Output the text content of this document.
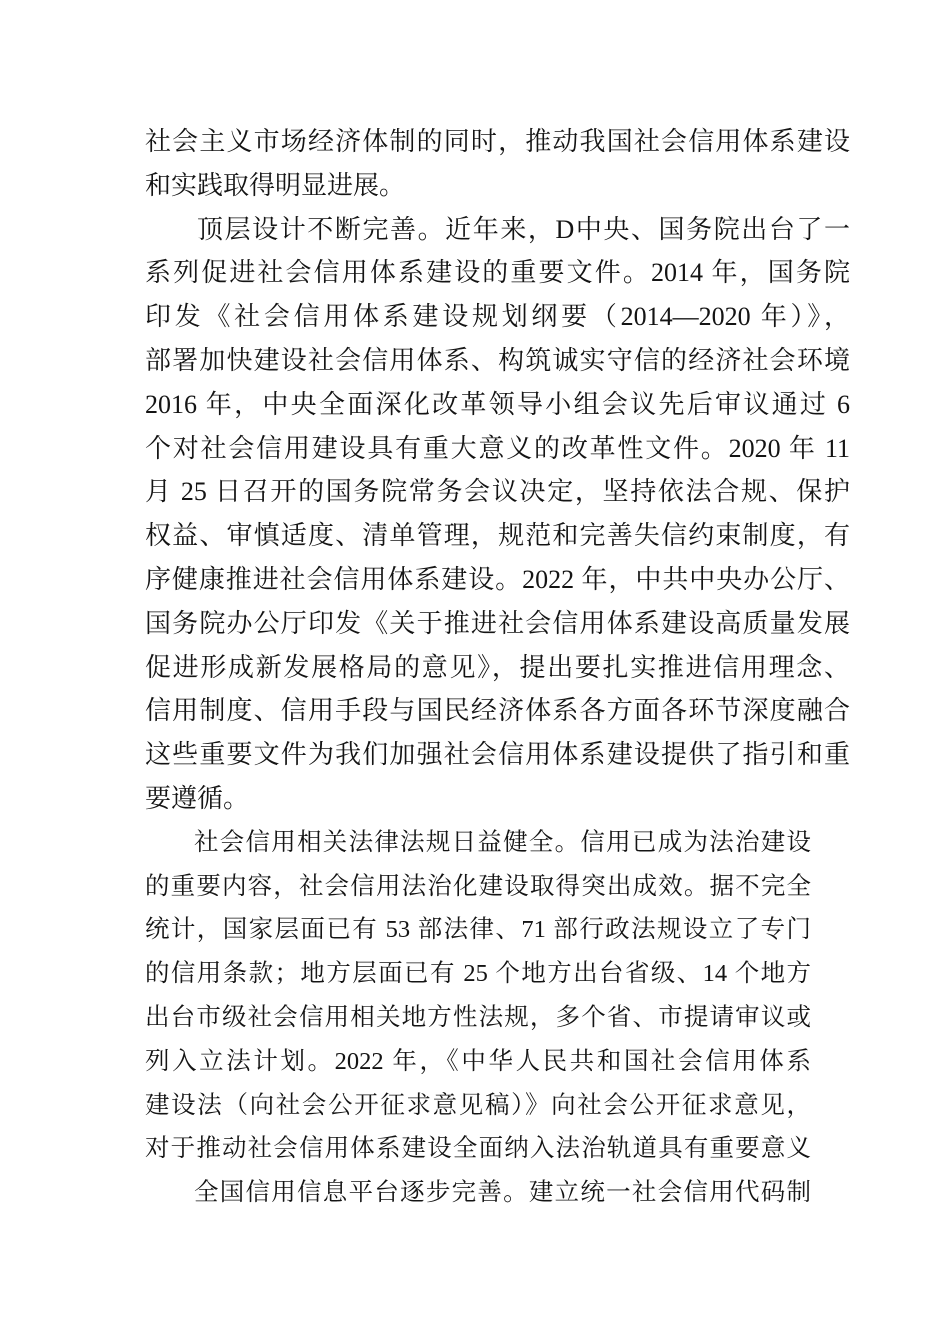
社会主义市场经济体制的同时，推动我国社会信用体系建设
和实践取得明显进展。
顶层设计不断完善。近年来，D中央、国务院出台了一
系列促进社会信用体系建设的重要文件。2014 年，国务院
印发《社会信用体系建设规划纲要（2014—2020 年）》，
部署加快建设社会信用体系、构筑诚实守信的经济社会环境
2016 年，中央全面深化改革领导小组会议先后审议通过 6
个对社会信用建设具有重大意义的改革性文件。2020 年 11
月 25 日召开的国务院常务会议决定，坚持依法合规、保护
权益、审慎适度、清单管理，规范和完善失信约束制度，有
序健康推进社会信用体系建设。2022 年，中共中央办公厅、
国务院办公厅印发《关于推进社会信用体系建设高质量发展
促进形成新发展格局的意见》，提出要扎实推进信用理念、
信用制度、信用手段与国民经济体系各方面各环节深度融合
这些重要文件为我们加强社会信用体系建设提供了指引和重
要遵循。
社会信用相关法律法规日益健全。信用已成为法治建设
的重要内容，社会信用法治化建设取得突出成效。据不完全
统计，国家层面已有 53 部法律、71 部行政法规设立了专门
的信用条款；地方层面已有 25 个地方出台省级、14 个地方
出台市级社会信用相关地方性法规，多个省、市提请审议或
列入立法计划。2022 年，《中华人民共和国社会信用体系
建设法（向社会公开征求意见稿）》向社会公开征求意见，
对于推动社会信用体系建设全面纳入法治轨道具有重要意义
全国信用信息平台逐步完善。建立统一社会信用代码制
